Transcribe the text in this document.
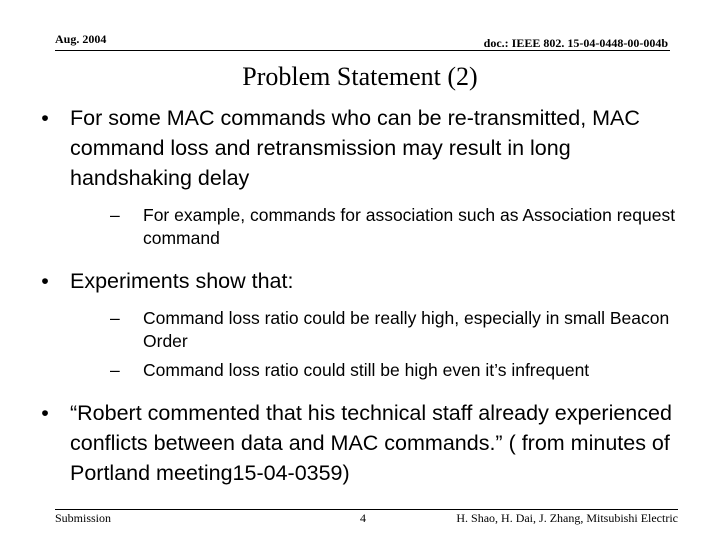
Aug. 2004	doc.: IEEE 802. 15-04-0448-00-004b
Problem Statement (2)
• For some MAC commands who can be re-transmitted, MAC command loss and retransmission may result in long handshaking delay
– For example, commands for association such as Association request command
• Experiments show that:
– Command loss ratio could be really high, especially in small Beacon Order
– Command loss ratio could still be high even it’s infrequent
• “Robert commented that his technical staff already experienced conflicts between data and MAC commands.” ( from minutes of Portland meeting15-04-0359)
Submission	4	H. Shao, H. Dai, J. Zhang, Mitsubishi Electric
